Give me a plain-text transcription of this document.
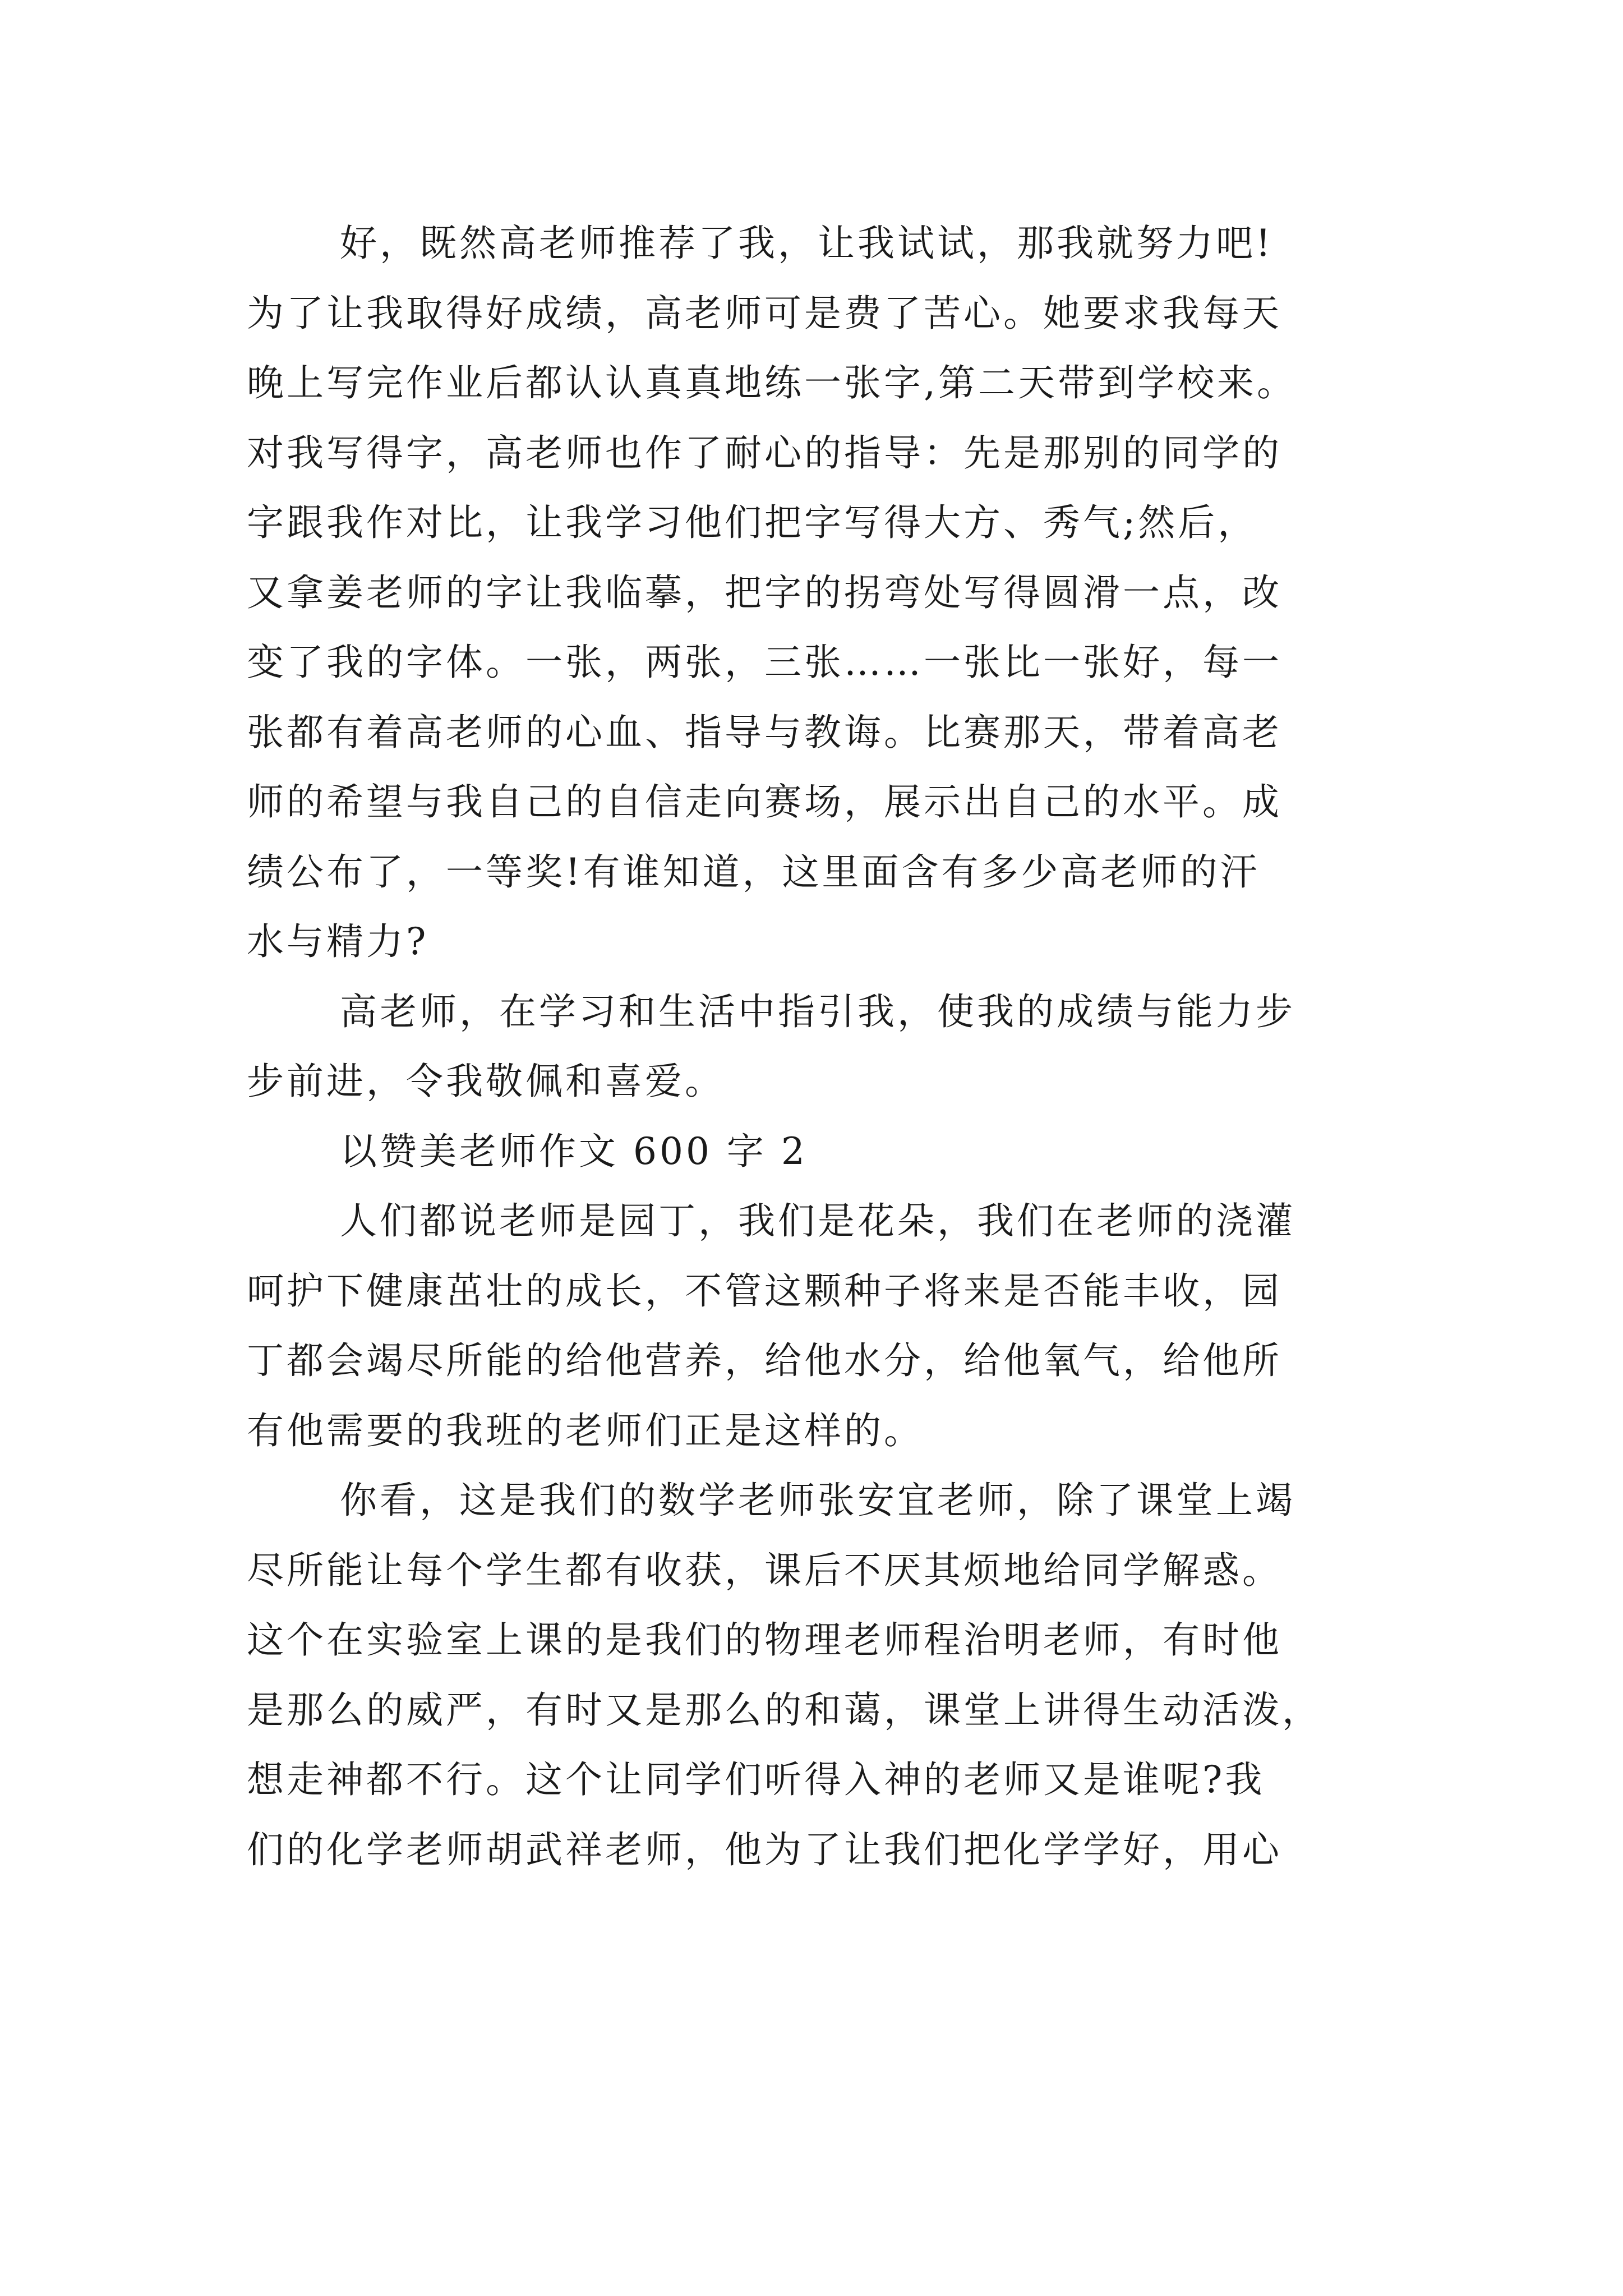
好，既然高老师推荐了我，让我试试，那我就努力吧!
为了让我取得好成绩，高老师可是费了苦心。她要求我每天
晚上写完作业后都认认真真地练一张字,第二天带到学校来。
对我写得字，高老师也作了耐心的指导：先是那别的同学的
字跟我作对比，让我学习他们把字写得大方、秀气;然后，
又拿姜老师的字让我临摹，把字的拐弯处写得圆滑一点，改
变了我的字体。一张，两张，三张……一张比一张好，每一
张都有着高老师的心血、指导与教诲。比赛那天，带着高老
师的希望与我自己的自信走向赛场，展示出自己的水平。成
绩公布了，一等奖!有谁知道，这里面含有多少高老师的汗
水与精力?
高老师，在学习和生活中指引我，使我的成绩与能力步
步前进，令我敬佩和喜爱。
以赞美老师作文 600 字 2
人们都说老师是园丁，我们是花朵，我们在老师的浇灌
呵护下健康茁壮的成长，不管这颗种子将来是否能丰收，园
丁都会竭尽所能的给他营养，给他水分，给他氧气，给他所
有他需要的我班的老师们正是这样的。
你看，这是我们的数学老师张安宜老师，除了课堂上竭
尽所能让每个学生都有收获，课后不厌其烦地给同学解惑。
这个在实验室上课的是我们的物理老师程治明老师，有时他
是那么的威严，有时又是那么的和蔼，课堂上讲得生动活泼，
想走神都不行。这个让同学们听得入神的老师又是谁呢?我
们的化学老师胡武祥老师，他为了让我们把化学学好，用心
